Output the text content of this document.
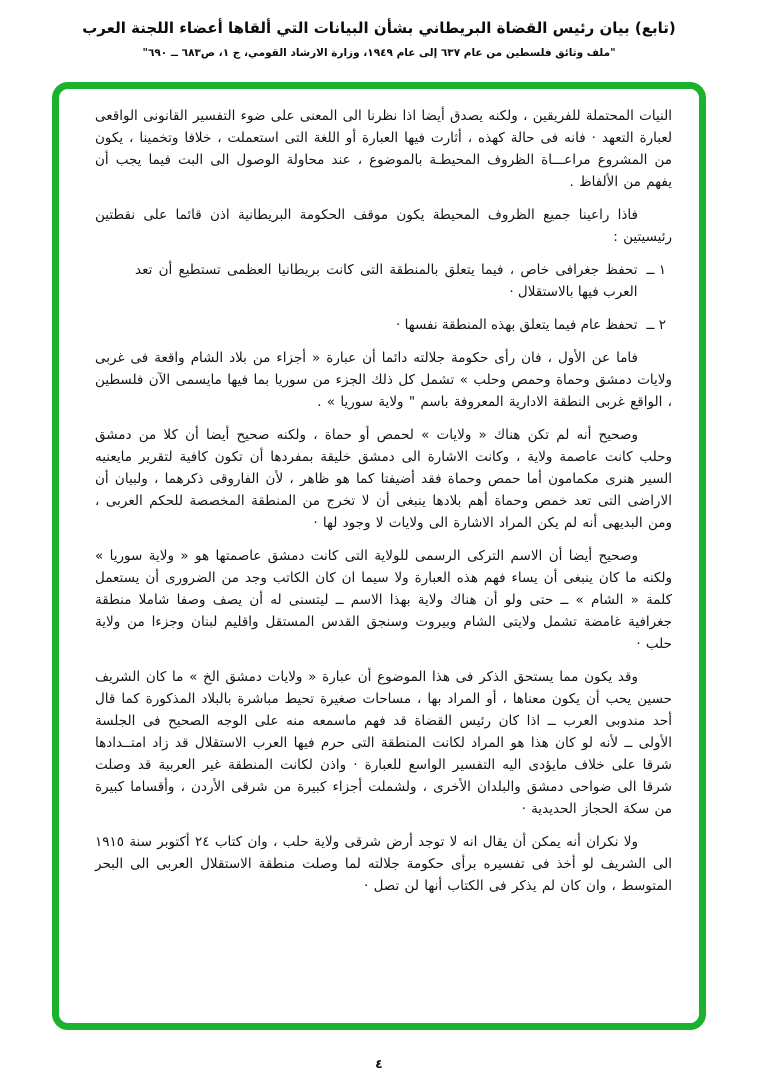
(تابع) بيان رئيس القضاة البريطاني بشأن البيانات التي ألقاها أعضاء اللجنة العرب
"ملف وثائق فلسطين من عام ٦٣٧ إلى عام ١٩٤٩، وزارة الارشاد القومي، ج ١، ص٦٨٣ ــ ٦٩٠"

النيات المحتملة للفريقين ، ولكنه يصدق أيضا اذا نظرنا الى المعنى على ضوء التفسير القانونى الواقعى لعبارة التعهد · فانه فى حالة كهذه ، أثارت فيها العبارة أو اللغة التى استعملت ، خلافا وتخمينا ، يكون من المشروع مراعـــاة الظروف المحيطـة بالموضوع ، عند محاولة الوصول الى البت فيما يجب أن يفهم من الألفاظ .

فاذا راعينا جميع الظروف المحيطة يكون موقف الحكومة البريطانية اذن قائما على نقطتين رئيسيتين :

١ ــ
تحفظ جغرافى خاص ، فيما يتعلق بالمنطقة التى كانت بريطانيا العظمى تستطيع أن تعد العرب فيها بالاستقلال ·
٢ ــ
تحفظ عام فيما يتعلق بهذه المنطقة نفسها ·

فاما عن الأول ، فان رأى حكومة جلالته دائما أن عبارة « أجزاء من بلاد الشام واقعة فى غربى ولايات دمشق وحماة وحمص وحلب » تشمل كل ذلك الجزء من سوريا بما فيها مايسمى الآن فلسطين ، الواقع غربى النطقة الادارية المعروفة باسم " ولاية سوريا » .

وصحيح أنه لم تكن هناك « ولايات » لحمص أو حماة ، ولكنه صحيح أيضا أن كلا من دمشق وحلب كانت عاصمة ولاية ، وكانت الاشارة الى دمشق خليقة بمفردها أن تكون كافية لتقرير مايعنيه السير هنرى مكمامون أما حمص وحماة فقد أضيفتا كما هو ظاهر ، لأن الفاروقى ذكرهما ، ولبيان أن الاراضى التى تعد خمص وحماة أهم بلادها ينبغى أن لا تخرج من المنطقة المخصصة للحكم العربى ، ومن البديهى أنه لم يكن المراد الاشارة الى ولايات لا وجود لها ·

وصحيح أيضا أن الاسم التركى الرسمى للولاية التى كانت دمشق عاصمتها هو « ولاية سوريا » ولكنه ما كان ينبغى أن يساء فهم هذه العبارة ولا سيما ان كان الكاتب وجد من الضرورى أن يستعمل كلمة « الشام » ــ حتى ولو أن هناك ولاية بهذا الاسم ــ ليتسنى له أن يصف وصفا شاملا منطقة جغرافية غامضة تشمل ولايتى الشام وبيروت وسنجق القدس المستقل واقليم لبنان وجزءا من ولاية حلب ·

وقد يكون مما يستحق الذكر فى هذا الموضوع أن عبارة « ولايات دمشق الخ » ما كان الشريف حسين يحب أن يكون معناها ، أو المراد بها ، مساحات صغيرة تحيط مباشرة بالبلاد المذكورة كما قال أحد مندوبى العرب ــ اذا كان رئيس القضاة قد فهم ماسمعه منه على الوجه الصحيح فى الجلسة الأولى ــ لأنه لو كان هذا هو المراد لكانت المنطقة التى حرم فيها العرب الاستقلال قد زاد امتــدادها شرقا على خلاف مايؤدى اليه التفسير الواسع للعبارة · واذن لكانت المنطقة غير العربية قد وصلت شرقا الى ضواحى دمشق والبلدان الأخرى ، ولشملت أجزاء كبيرة من شرقى الأردن ، وأقساما كبيرة من سكة الحجاز الحديدية ·

ولا نكران أنه يمكن أن يقال انه لا توجد أرض شرقى ولاية حلب ، وان كتاب ٢٤ أكتوبر سنة ١٩١٥ الى الشريف لو أخذ فى تفسيره برأى حكومة جلالته لما وصلت منطقة الاستقلال العربى الى البحر المتوسط ، وان كان لم يذكر فى الكتاب أنها لن تصل ·

٤
